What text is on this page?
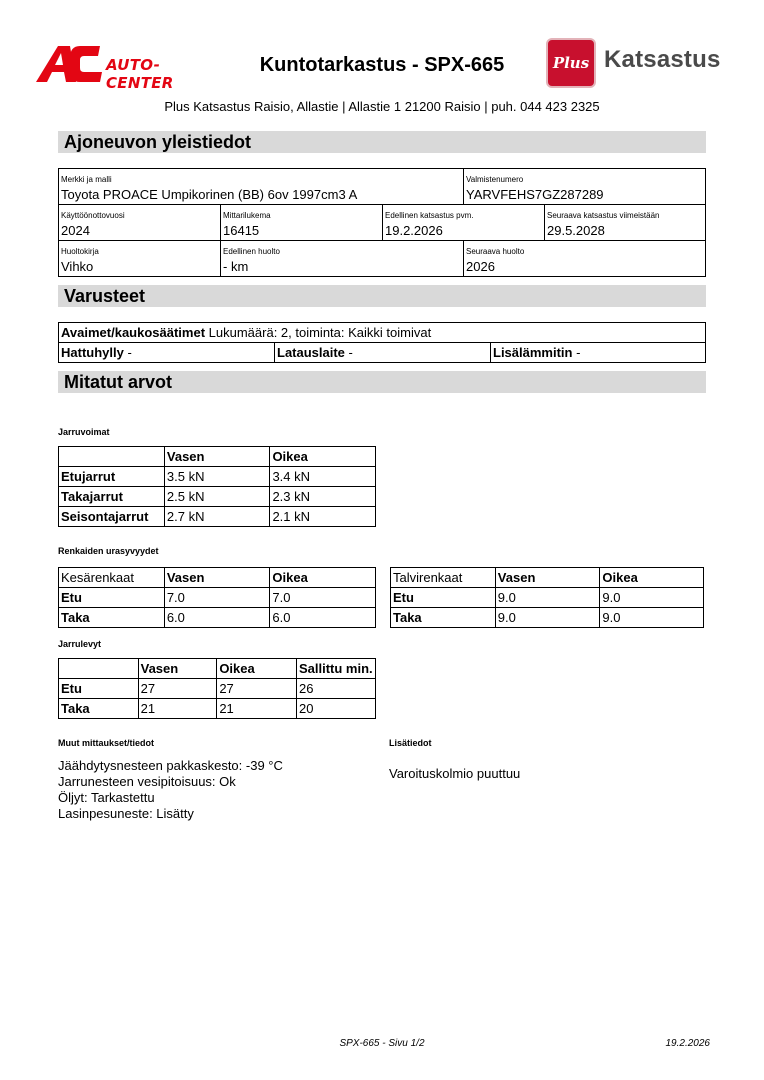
AUTO-CENTER
Kuntotarkastus - SPX-665	Plus Katsastus
Plus Katsastus Raisio, Allastie | Allastie 1 21200 Raisio | puh. 044 423 2325
Ajoneuvon yleistiedot
Merkki ja malli
Toyota PROACE Umpikorinen (BB) 6ov 1997cm3 A
Valmistenumero
YARVFEHS7GZ287289
Käyttöönottovuosi
2024
Mittarilukema
16415
Edellinen katsastus pvm.
19.2.2026
Seuraava katsastus viimeistään
29.5.2028
Huoltokirja
Vihko
Edellinen huolto
- km
Seuraava huolto
2026
Varusteet
Avaimet/kaukosäätimet Lukumäärä: 2, toiminta: Kaikki toimivat
Hattuhylly -	Latauslaite -	Lisälämmitin -
Mitatut arvot
Jarruvoimat
	Vasen	Oikea
Etujarrut	3.5 kN	3.4 kN
Takajarrut	2.5 kN	2.3 kN
Seisontajarrut	2.7 kN	2.1 kN
Renkaiden urasyvyydet
Kesärenkaat	Vasen	Oikea
Etu	7.0	7.0
Taka	6.0	6.0
Talvirenkaat	Vasen	Oikea
Etu	9.0	9.0
Taka	9.0	9.0
Jarrulevyt
	Vasen	Oikea	Sallittu min.
Etu	27	27	26
Taka	21	21	20
Muut mittaukset/tiedot
Jäähdytysnesteen pakkaskesto: -39 °C
Jarrunesteen vesipitoisuus: Ok
Öljyt: Tarkastettu
Lasinpesuneste: Lisätty
Lisätiedot
Varoituskolmio puuttuu
SPX-665 - Sivu 1/2	19.2.2026
